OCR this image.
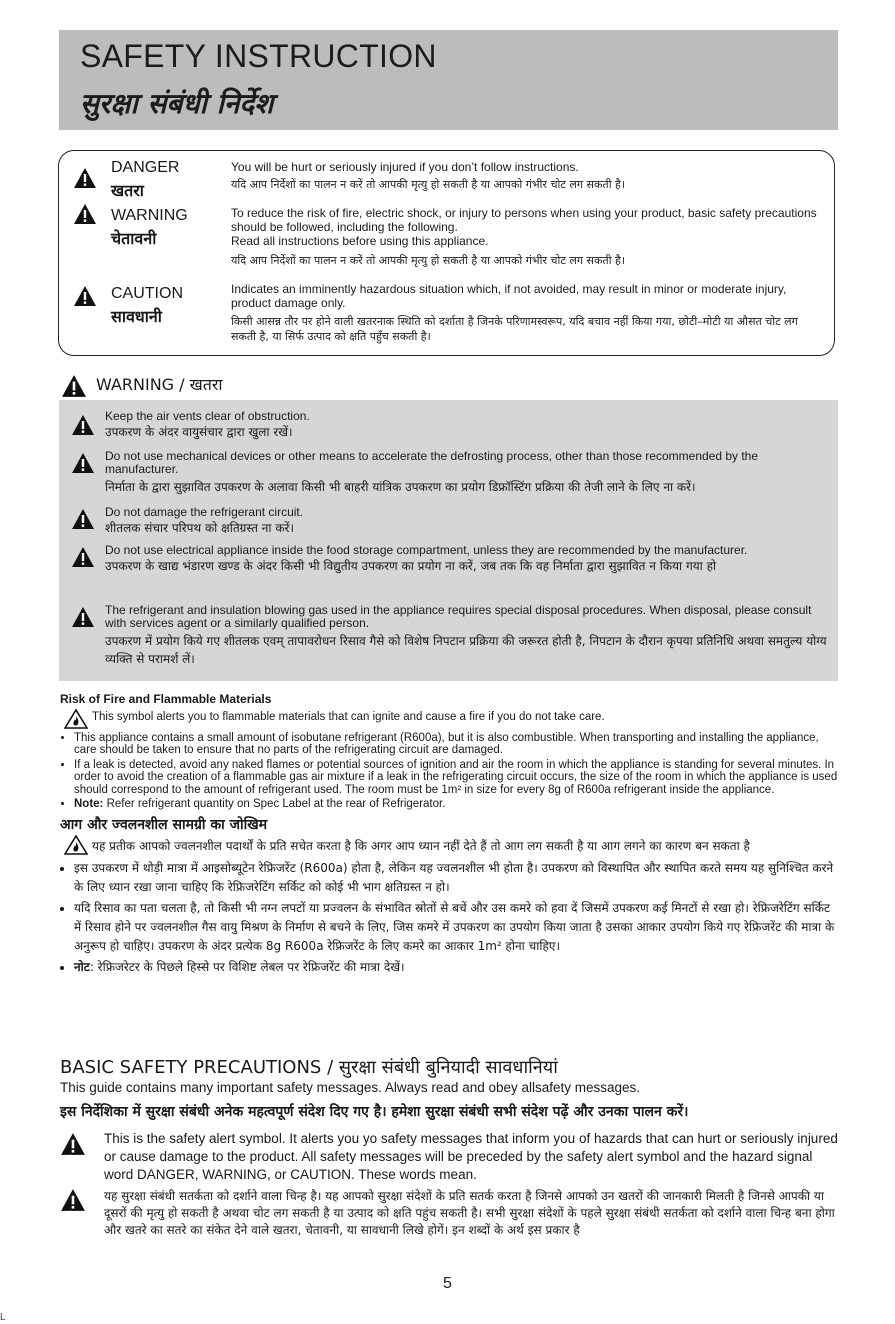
SAFETY INSTRUCTION
सुरक्षा संबंधी निर्देश
DANGER
खतरा
You will be hurt or seriously injured if you don’t follow instructions.
यदि आप निर्देशों का पालन न करें तो आपकी मृत्यु हो सकती है या आपको गंभीर चोट लग सकती है।
WARNING
चेतावनी
To reduce the risk of fire, electric shock, or injury to persons when using your product, basic safety precautions should be followed, including the following.
Read all instructions before using this appliance.
यदि आप निर्देशों का पालन न करें तो आपकी मृत्यु हो सकती है या आपको गंभीर चोट लग सकती है।
CAUTION
सावधानी
Indicates an imminently hazardous situation which, if not avoided, may result in minor or moderate injury, product damage only.
किसी आसन्न तौर पर होने वाली खतरनाक स्थिति को दर्शाता है जिनके परिणामस्वरूप, यदि बचाव नहीं किया गया, छोटी–मोटी या औसत चोट लग सकती है, या सिर्फ उत्पाद को क्षति पहुँच सकती है।
WARNING / खतरा
Keep the air vents clear of obstruction.
उपकरण के अंदर वायुसंचार द्वारा खुला रखें।
Do not use mechanical devices or other means to accelerate the defrosting process, other than those recommended by the manufacturer.
निर्माता के द्वारा सुझावित उपकरण के अलावा किसी भी बाहरी यांत्रिक उपकरण का प्रयोग डिफ्रॉस्टिंग प्रक्रिया की तेजी लाने के लिए ना करें।
Do not damage the refrigerant circuit.
शीतलक संचार परिपथ को क्षतिग्रस्त ना करें।
Do not use electrical appliance inside the food storage compartment, unless they are recommended by the manufacturer.
उपकरण के खाद्य भंडारण खण्ड के अंदर किसी भी विद्युतीय उपकरण का प्रयोग ना करें, जब तक कि वह निर्माता द्वारा सुझावित न किया गया हो
The refrigerant and insulation blowing gas used in the appliance requires special disposal procedures. When disposal, please consult with services agent or a similarly qualified person.
उपकरण में प्रयोग किये गए शीतलक एवम् तापावरोधन रिसाव गैसे को विशेष निपटान प्रक्रिया की जरूरत होती है, निपटान के दौरान कृपया प्रतिनिधि अथवा समतुल्य योग्य व्यक्ति से परामर्श लें।
Risk of Fire and Flammable Materials
This symbol alerts you to flammable materials that can ignite and cause a fire if you do not take care.
• This appliance contains a small amount of isobutane refrigerant (R600a), but it is also combustible. When transporting and installing the appliance, care should be taken to ensure that no parts of the refrigerating circuit are damaged.
• If a leak is detected, avoid any naked flames or potential sources of ignition and air the room in which the appliance is standing for several minutes. In order to avoid the creation of a flammable gas air mixture if a leak in the refrigerating circuit occurs, the size of the room in which the appliance is used should correspond to the amount of refrigerant used. The room must be 1m² in size for every 8g of R600a refrigerant inside the appliance.
• Note: Refer refrigerant quantity on Spec Label at the rear of Refrigerator.
आग और ज्वलनशील सामग्री का जोखिम
यह प्रतीक आपको ज्वलनशील पदार्थों के प्रति सचेत करता है कि अगर आप ध्यान नहीं देते हैं तो आग लग सकती है या आग लगने का कारण बन सकता है
• इस उपकरण में थोड़ी मात्रा में आइसोब्यूटेन रेफ्रिजरेंट (R600a) होता है, लेकिन यह ज्वलनशील भी होता है। उपकरण को विस्थापित और स्थापित करते समय यह सुनिश्चित करने के लिए ध्यान रखा जाना चाहिए कि रेफ्रिजरेटिंग सर्किट को कोई भी भाग क्षतिग्रस्त न हो।
• यदि रिसाव का पता चलता है, तो किसी भी नग्न लपटों या प्रज्वलन के संभावित स्रोतों से बचें और उस कमरे को हवा दें जिसमें उपकरण कई मिनटों से रखा हो। रेफ्रिजरेटिंग सर्किट में रिसाव होने पर ज्वलनशील गैस वायु मिश्रण के निर्माण से बचने के लिए, जिस कमरे में उपकरण का उपयोग किया जाता है उसका आकार उपयोग किये गए रेफ्रिजरेंट की मात्रा के अनुरूप हो चाहिए। उपकरण के अंदर प्रत्येक 8g R600a रेफ्रिजरेंट के लिए कमरे का आकार 1m² होना चाहिए।
• नोट: रेफ्रिजरेटर के पिछले हिस्से पर विशिष्ट लेबल पर रेफ्रिजरेंट की मात्रा देखें।
BASIC SAFETY PRECAUTIONS / सुरक्षा संबंधी बुनियादी सावधानियां
This guide contains many important safety messages. Always read and obey allsafety messages.
इस निर्देशिका में सुरक्षा संबंधी अनेक महत्वपूर्ण संदेश दिए गए है। हमेशा सुरक्षा संबंधी सभी संदेश पढ़ें और उनका पालन करें।
This is the safety alert symbol. It alerts you yo safety messages that inform you of hazards that can hurt or seriously injured or cause damage to the product. All safety messages will be preceded by the safety alert symbol and the hazard signal word DANGER, WARNING, or CAUTION. These words mean.
यह सुरक्षा संबंधी सतर्कता को दर्शाने वाला चिन्ह है। यह आपको सुरक्षा संदेशों के प्रति सतर्क करता है जिनसे आपको उन खतरों की जानकारी मिलती है जिनसे आपकी या दूसरों की मृत्यु हो सकती है अथवा चोट लग सकती है या उत्पाद को क्षति पहुंच सकती है। सभी सुरक्षा संदेशों के पहले सुरक्षा संबंधी सतर्कता को दर्शाने वाला चिन्ह बना होगा और खतरे का सतरे का संकेत देने वाले खतरा, चेतावनी, या सावधानी लिखे होगें। इन शब्दों के अर्थ इस प्रकार है
5
L
